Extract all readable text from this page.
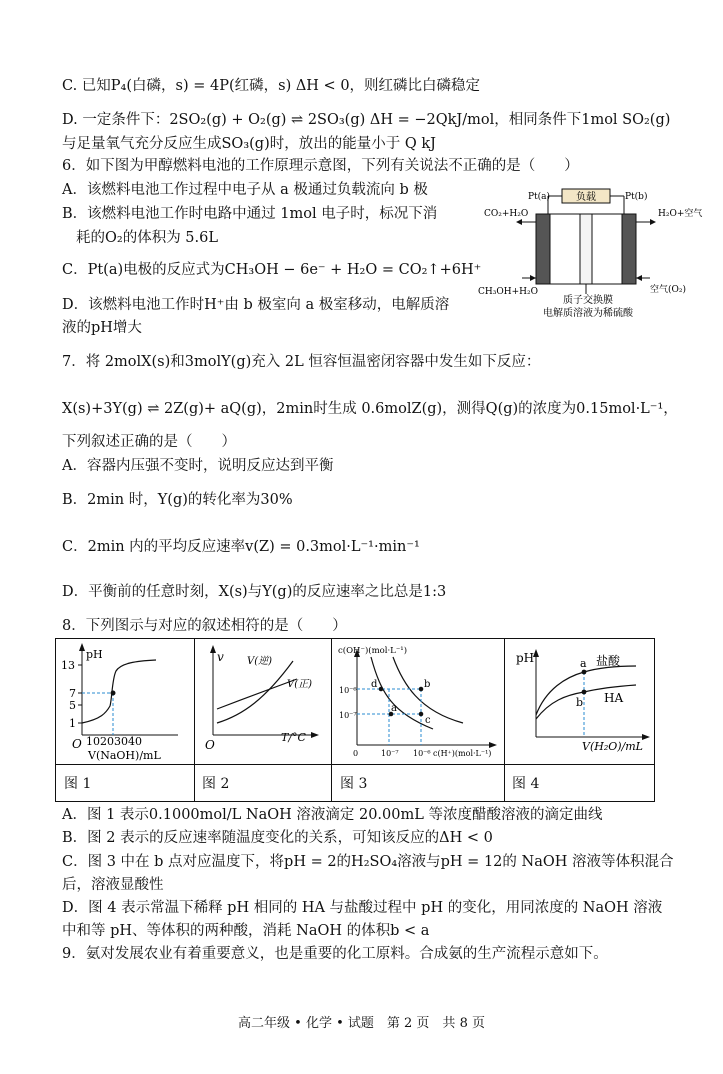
C. 已知P₄(白磷，s) = 4P(红磷，s) ΔH < 0，则红磷比白磷稳定
D. 一定条件下：2SO₂(g) + O₂(g) ⇌ 2SO₃(g) ΔH = −2QkJ/mol，相同条件下1mol SO₂(g)
与足量氧气充分反应生成SO₃(g)时，放出的能量小于 Q kJ
6．如下图为甲醇燃料电池的工作原理示意图，下列有关说法不正确的是（　　）
A．该燃料电池工作过程中电子从 a 极通过负载流向 b 极
B．该燃料电池工作时电路中通过 1mol 电子时，标况下消
耗的O₂的体积为 5.6L
C．Pt(a)电极的反应式为CH₃OH − 6e⁻ + H₂O = CO₂↑+6H⁺
D．该燃料电池工作时H⁺由 b 极室向 a 极室移动，电解质溶
液的pH增大
7．将 2molX(s)和3molY(g)充入 2L 恒容恒温密闭容器中发生如下反应：
X(s)+3Y(g) ⇌ 2Z(g)+ aQ(g)，2min时生成 0.6molZ(g)，测得Q(g)的浓度为0.15mol·L⁻¹，
下列叙述正确的是（　　）
A．容器内压强不变时，说明反应达到平衡
B．2min 时，Y(g)的转化率为30%
C．2min 内的平均反应速率v(Z) = 0.3mol·L⁻¹·min⁻¹
D．平衡前的任意时刻，X(s)与Y(g)的反应速率之比总是1:3
8．下列图示与对应的叙述相符的是（　　）
A．图 1 表示0.1000mol/L NaOH 溶液滴定 20.00mL 等浓度醋酸溶液的滴定曲线
B．图 2 表示的反应速率随温度变化的关系，可知该反应的ΔH < 0
C．图 3 中在 b 点对应温度下，将pH = 2的H₂SO₄溶液与pH = 12的 NaOH 溶液等体积混合
后，溶液显酸性
D．图 4 表示常温下稀释 pH 相同的 HA 与盐酸过程中 pH 的变化，用同浓度的 NaOH 溶液
中和等 pH、等体积的两种酸，消耗 NaOH 的体积b < a
9．氨对发展农业有着重要意义，也是重要的化工原料。合成氨的生产流程示意如下。
负载
Pt(a)	Pt(b)
CO₂+H₂O	H₂O+空气
CH₃OH+H₂O	空气(O₂)
质子交换膜
电解质溶液为稀硫酸
pH
13
7
5
1
O 10203040
V(NaOH)/mL
v V(逆)
V(正)
O
T/°C
c(OH⁻)(mol·L⁻¹)
10⁻⁶
10⁻⁷
0	10⁻⁷ 10⁻⁶ c(H⁺)(mol·L⁻¹)
d	b
a
c
pH	a
b
盐酸
HA
V(H₂O)/mL
图 1	图 2	图 3	图 4
高二年级 • 化学 • 试题　第 2 页　共 8 页
